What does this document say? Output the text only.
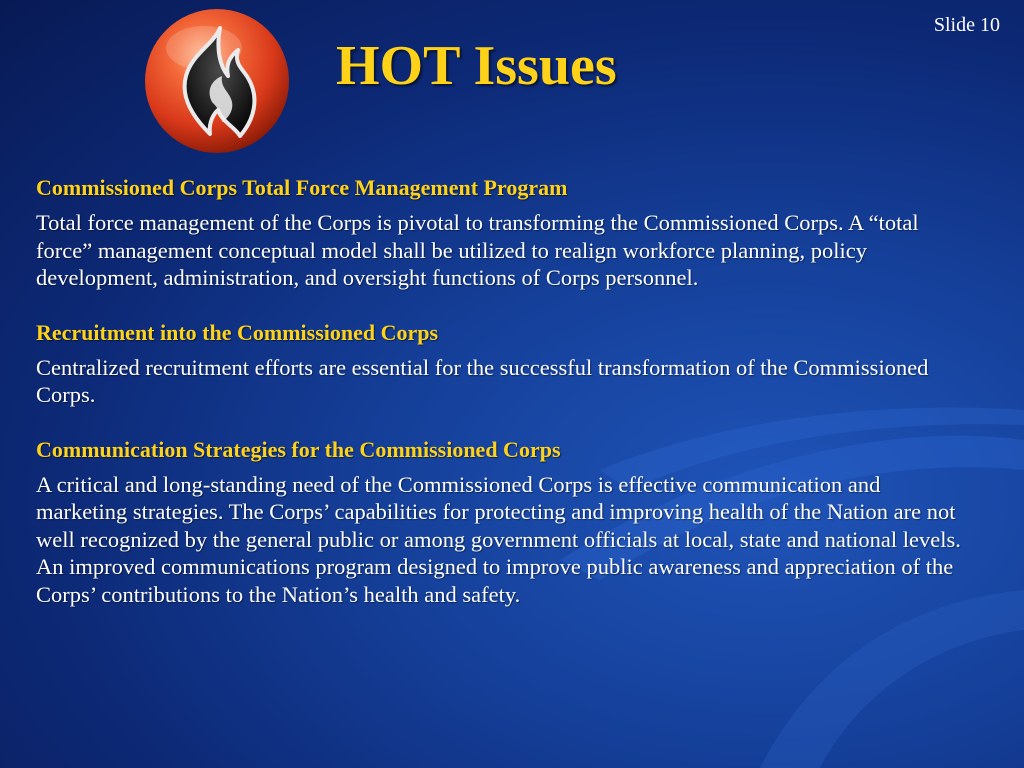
Slide 10
HOT Issues

Commissioned Corps Total Force Management Program

Total force management of the Corps is pivotal to transforming the Commissioned Corps. A “total force” management conceptual model shall be utilized to realign workforce planning, policy development, administration, and oversight functions of Corps personnel.

Recruitment into the Commissioned Corps

Centralized recruitment efforts are essential for the successful transformation of the Commissioned Corps.

Communication Strategies for the Commissioned Corps

A critical and long-standing need of the Commissioned Corps is effective communication and marketing strategies. The Corps’ capabilities for protecting and improving health of the Nation are not well recognized by the general public or among government officials at local, state and national levels. An improved communications program designed to improve public awareness and appreciation of the Corps’ contributions to the Nation’s health and safety.
